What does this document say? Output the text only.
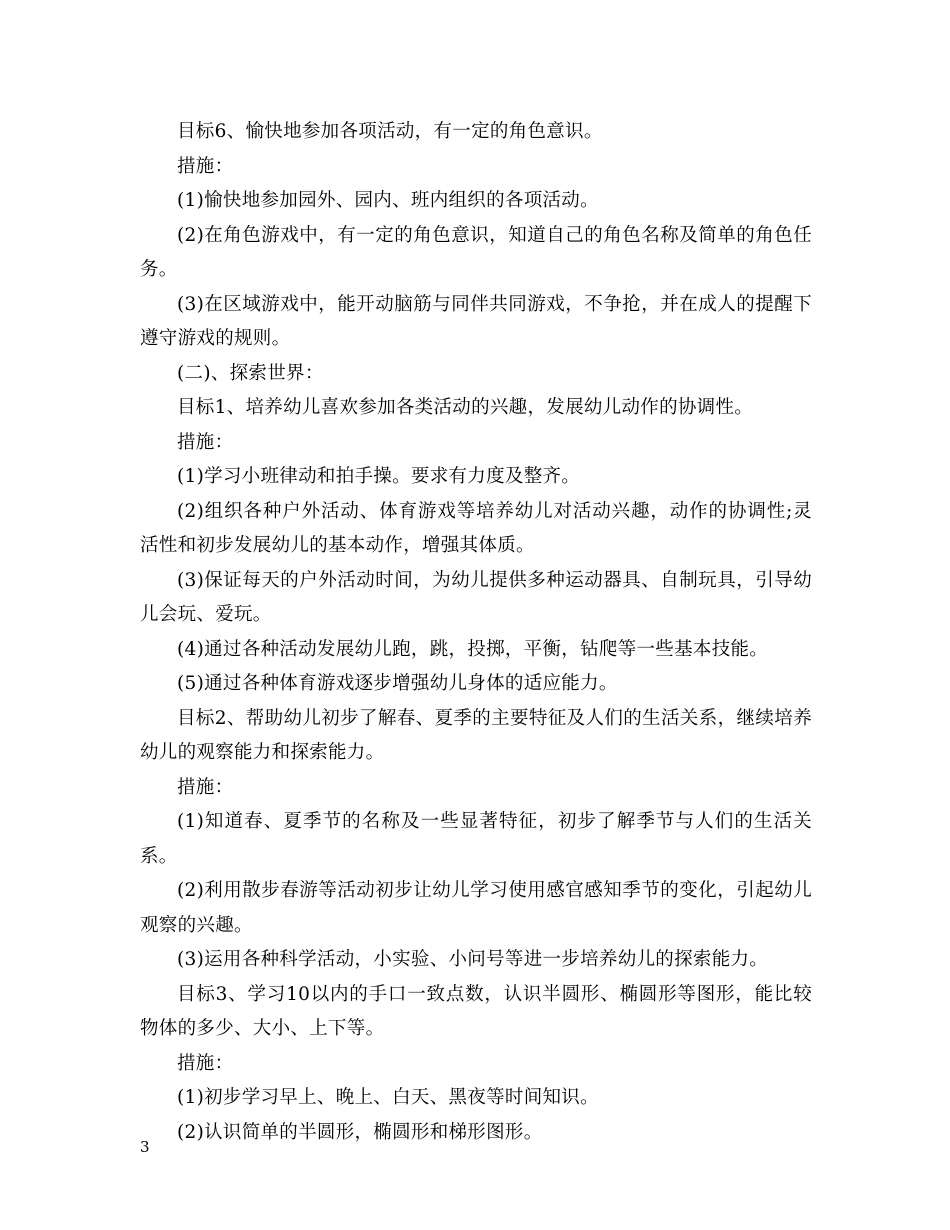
目标6、愉快地参加各项活动，有一定的角色意识。

措施：

(1)愉快地参加园外、园内、班内组织的各项活动。

(2)在角色游戏中，有一定的角色意识，知道自己的角色名称及简单的角色任务。

(3)在区域游戏中，能开动脑筋与同伴共同游戏，不争抢，并在成人的提醒下遵守游戏的规则。

(二)、探索世界：

目标1、培养幼儿喜欢参加各类活动的兴趣，发展幼儿动作的协调性。

措施：

(1)学习小班律动和拍手操。要求有力度及整齐。

(2)组织各种户外活动、体育游戏等培养幼儿对活动兴趣，动作的协调性;灵活性和初步发展幼儿的基本动作，增强其体质。

(3)保证每天的户外活动时间，为幼儿提供多种运动器具、自制玩具，引导幼儿会玩、爱玩。

(4)通过各种活动发展幼儿跑，跳，投掷，平衡，钻爬等一些基本技能。

(5)通过各种体育游戏逐步增强幼儿身体的适应能力。

目标2、帮助幼儿初步了解春、夏季的主要特征及人们的生活关系，继续培养幼儿的观察能力和探索能力。

措施：

(1)知道春、夏季节的名称及一些显著特征，初步了解季节与人们的生活关系。

(2)利用散步春游等活动初步让幼儿学习使用感官感知季节的变化，引起幼儿观察的兴趣。

(3)运用各种科学活动，小实验、小问号等进一步培养幼儿的探索能力。

目标3、学习10以内的手口一致点数，认识半圆形、椭圆形等图形，能比较物体的多少、大小、上下等。

措施：

(1)初步学习早上、晚上、白天、黑夜等时间知识。

(2)认识简单的半圆形，椭圆形和梯形图形。

3
